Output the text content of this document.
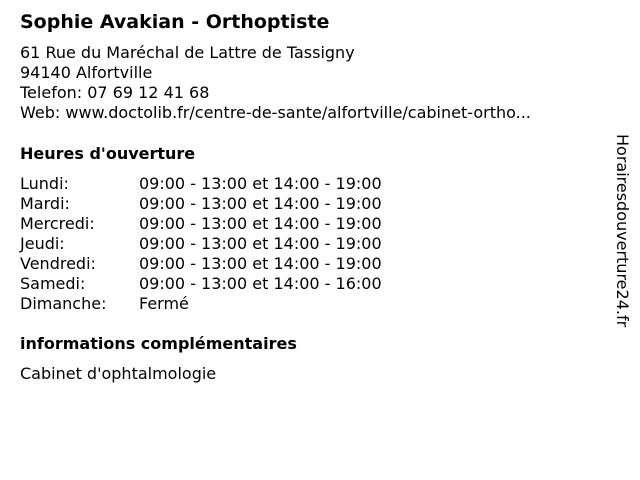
Sophie Avakian - Orthoptiste
61 Rue du Maréchal de Lattre de Tassigny
94140 Alfortville
Telefon: 07 69 12 41 68
Web: www.doctolib.fr/centre-de-sante/alfortville/cabinet-ortho...
Heures d'ouverture
Lundi:	09:00 - 13:00 et 14:00 - 19:00
Mardi:	09:00 - 13:00 et 14:00 - 19:00
Mercredi:	09:00 - 13:00 et 14:00 - 19:00
Jeudi:	09:00 - 13:00 et 14:00 - 19:00
Vendredi:	09:00 - 13:00 et 14:00 - 19:00
Samedi:	09:00 - 13:00 et 14:00 - 16:00
Dimanche: Fermé
informations complémentaires
Cabinet d'ophtalmologie
Horairesdouverture24.fr
